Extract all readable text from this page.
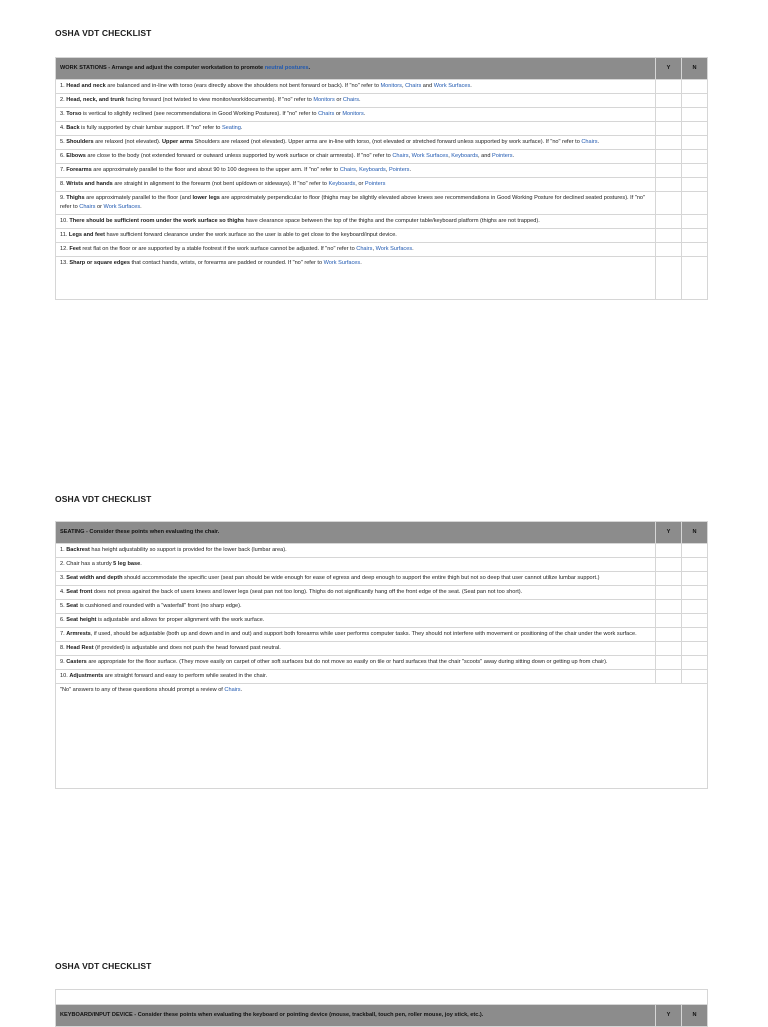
OSHA VDT CHECKLIST
WORK STATIONS - Arrange and adjust the computer workstation to promote neutral postures.	Y	N
1. Head and neck are balanced and in-line with torso (ears directly above the shoulders not bent forward or back). If "no" refer to Monitors, Chairs and Work Surfaces.		
2. Head, neck, and trunk facing forward (not twisted to view monitor/work/documents). If "no" refer to Monitors or Chairs.		
3. Torso is vertical to slightly reclined (see recommendations in Good Working Postures). If "no" refer to Chairs or Monitors.		
4. Back is fully supported by chair lumbar support. If "no" refer to Seating.		
5. Shoulders are relaxed (not elevated). Upper arms Shoulders are relaxed (not elevated). Upper arms are in-line with torso, (not elevated or stretched forward unless supported by work surface). If "no" refer to Chairs.		
6. Elbows are close to the body (not extended forward or outward unless supported by work surface or chair armrests). If "no" refer to Chairs, Work Surfaces, Keyboards, and Pointers.		
7. Forearms are approximately parallel to the floor and about 90 to 100 degrees to the upper arm. If "no" refer to Chairs, Keyboards, Pointers.		
8. Wrists and hands are straight in alignment to the forearm (not bent up/down or sideways). If "no" refer to Keyboards, or Pointers		
9. Thighs are approximately parallel to the floor (and lower legs are approximately perpendicular to floor (thighs may be slightly elevated above knees see recommendations in Good Working Posture for declined seated postures). If "no" refer to Chairs or Work Surfaces.		
10. There should be sufficient room under the work surface so thighs have clearance space between the top of the thighs and the computer table/keyboard platform (thighs are not trapped).		
11. Legs and feet have sufficient forward clearance under the work surface so the user is able to get close to the keyboard/input device.		
12. Feet rest flat on the floor or are supported by a stable footrest if the work surface cannot be adjusted. If "no" refer to Chairs, Work Surfaces.		
13. Sharp or square edges that contact hands, wrists, or forearms are padded or rounded. If "no" refer to Work Surfaces.		
OSHA VDT CHECKLIST
SEATING - Consider these points when evaluating the chair.	Y	N
1. Backrest has height adjustability so support is provided for the lower back (lumbar area).		
2. Chair has a sturdy 5 leg base.		
3. Seat width and depth should accommodate the specific user (seat pan should be wide enough for ease of egress and deep enough to support the entire thigh but not so deep that user cannot utilize lumbar support.)		
4. Seat front does not press against the back of users knees and lower legs (seat pan not too long). Thighs do not significantly hang off the front edge of the seat. (Seat pan not too short).		
5. Seat is cushioned and rounded with a "waterfall" front (no sharp edge).		
6. Seat height is adjustable and allows for proper alignment with the work surface.		
7. Armrests, if used, should be adjustable (both up and down and in and out) and support both forearms while user performs computer tasks. They should not interfere with movement or positioning of the chair under the work surface.		
8. Head Rest (if provided) is adjustable and does not push the head forward past neutral.		
9. Casters are appropriate for the floor surface. (They move easily on carpet of other soft surfaces but do not move so easily on tile or hard surfaces that the chair "scoots" away during sitting down or getting up from chair).		
10. Adjustments are straight forward and easy to perform while seated in the chair.		
"No" answers to any of these questions should prompt a review of Chairs.		
OSHA VDT CHECKLIST
KEYBOARD/INPUT DEVICE - Consider these points when evaluating the keyboard or pointing device (mouse, trackball, touch pen, roller mouse, joy stick, etc.).	Y	N
